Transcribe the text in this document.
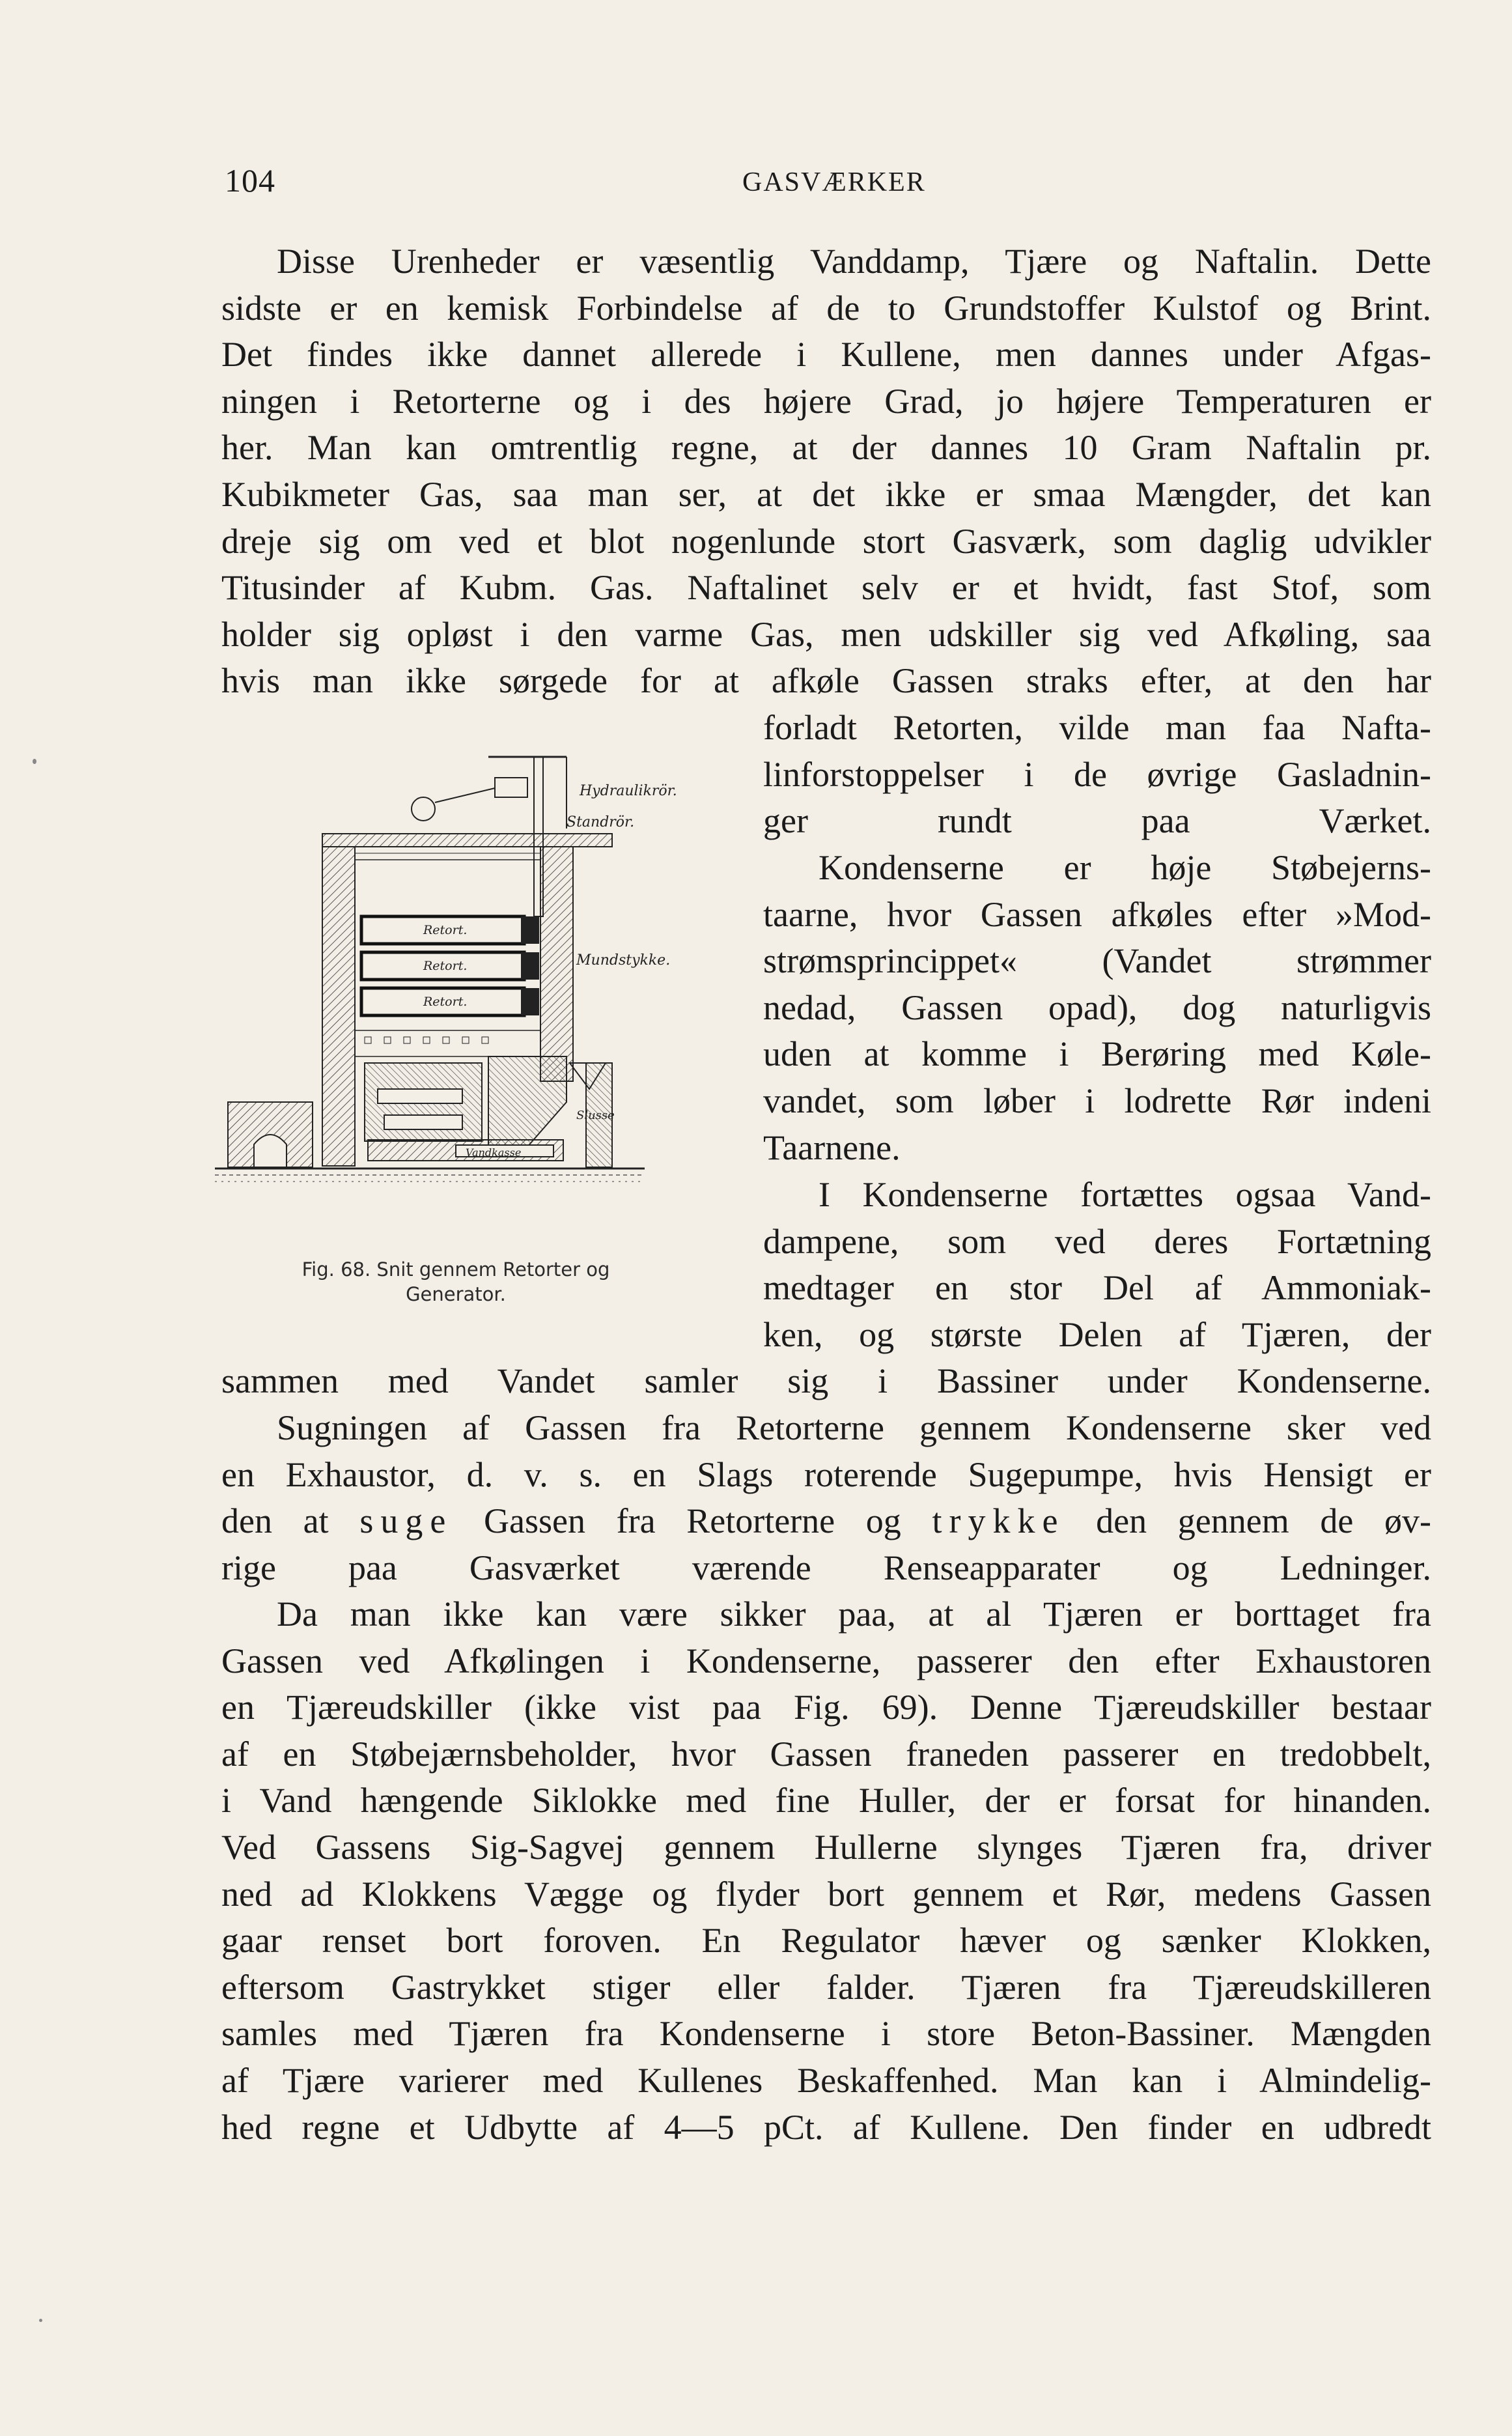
104	GASVÆRKER
Disse Urenheder er væsentlig Vanddamp, Tjære og Naftalin. Dette
sidste er en kemisk Forbindelse af de to Grundstoffer Kulstof og Brint.
Det findes ikke dannet allerede i Kullene, men dannes under Afgas-
ningen i Retorterne og i des højere Grad, jo højere Temperaturen er
her. Man kan omtrentlig regne, at der dannes 10 Gram Naftalin pr.
Kubikmeter Gas, saa man ser, at det ikke er smaa Mængder, det kan
dreje sig om ved et blot nogenlunde stort Gasværk, som daglig udvikler
Titusinder af Kubm. Gas. Naftalinet selv er et hvidt, fast Stof, som
holder sig opløst i den varme Gas, men udskiller sig ved Afkøling, saa
hvis man ikke sørgede for at afkøle Gassen straks efter, at den har
forladt Retorten, vilde man faa Nafta-
linforstoppelser i de øvrige Gasladnin-
ger rundt paa Værket.
Kondenserne er høje Støbejerns-
taarne, hvor Gassen afkøles efter »Mod-
strømsprincippet« (Vandet strømmer
nedad, Gassen opad), dog naturligvis
uden at komme i Berøring med Køle-
vandet, som løber i lodrette Rør indeni
Taarnene.
I Kondenserne fortættes ogsaa Vand-
dampene, som ved deres Fortætning
medtager en stor Del af Ammoniak-
ken, og største Delen af Tjæren, der
sammen med Vandet samler sig i Bassiner under Kondenserne.
Sugningen af Gassen fra Retorterne gennem Kondenserne sker ved
en Exhaustor, d. v. s. en Slags roterende Sugepumpe, hvis Hensigt er
den at suge Gassen fra Retorterne og trykke den gennem de øv-
rige paa Gasværket værende Renseapparater og Ledninger.
Da man ikke kan være sikker paa, at al Tjæren er borttaget fra
Gassen ved Afkølingen i Kondenserne, passerer den efter Exhaustoren
en Tjæreudskiller (ikke vist paa Fig. 69). Denne Tjæreudskiller bestaar
af en Støbejærnsbeholder, hvor Gassen franeden passerer en tredobbelt,
i Vand hængende Siklokke med fine Huller, der er forsat for hinanden.
Ved Gassens Sig-Sagvej gennem Hullerne slynges Tjæren fra, driver
ned ad Klokkens Vægge og flyder bort gennem et Rør, medens Gassen
gaar renset bort foroven. En Regulator hæver og sænker Klokken,
eftersom Gastrykket stiger eller falder. Tjæren fra Tjæreudskilleren
samles med Tjæren fra Kondenserne i store Beton-Bassiner. Mængden
af Tjære varierer med Kullenes Beskaffenhed. Man kan i Almindelig-
hed regne et Udbytte af 4—5 pCt. af Kullene. Den finder en udbredt
Hydraulikrör.
Standrör.
Mundstykke.
Retort.
Retort.
Retort.
Slusse
Vandkasse
Fig. 68. Snit gennem Retorter og
Generator.
